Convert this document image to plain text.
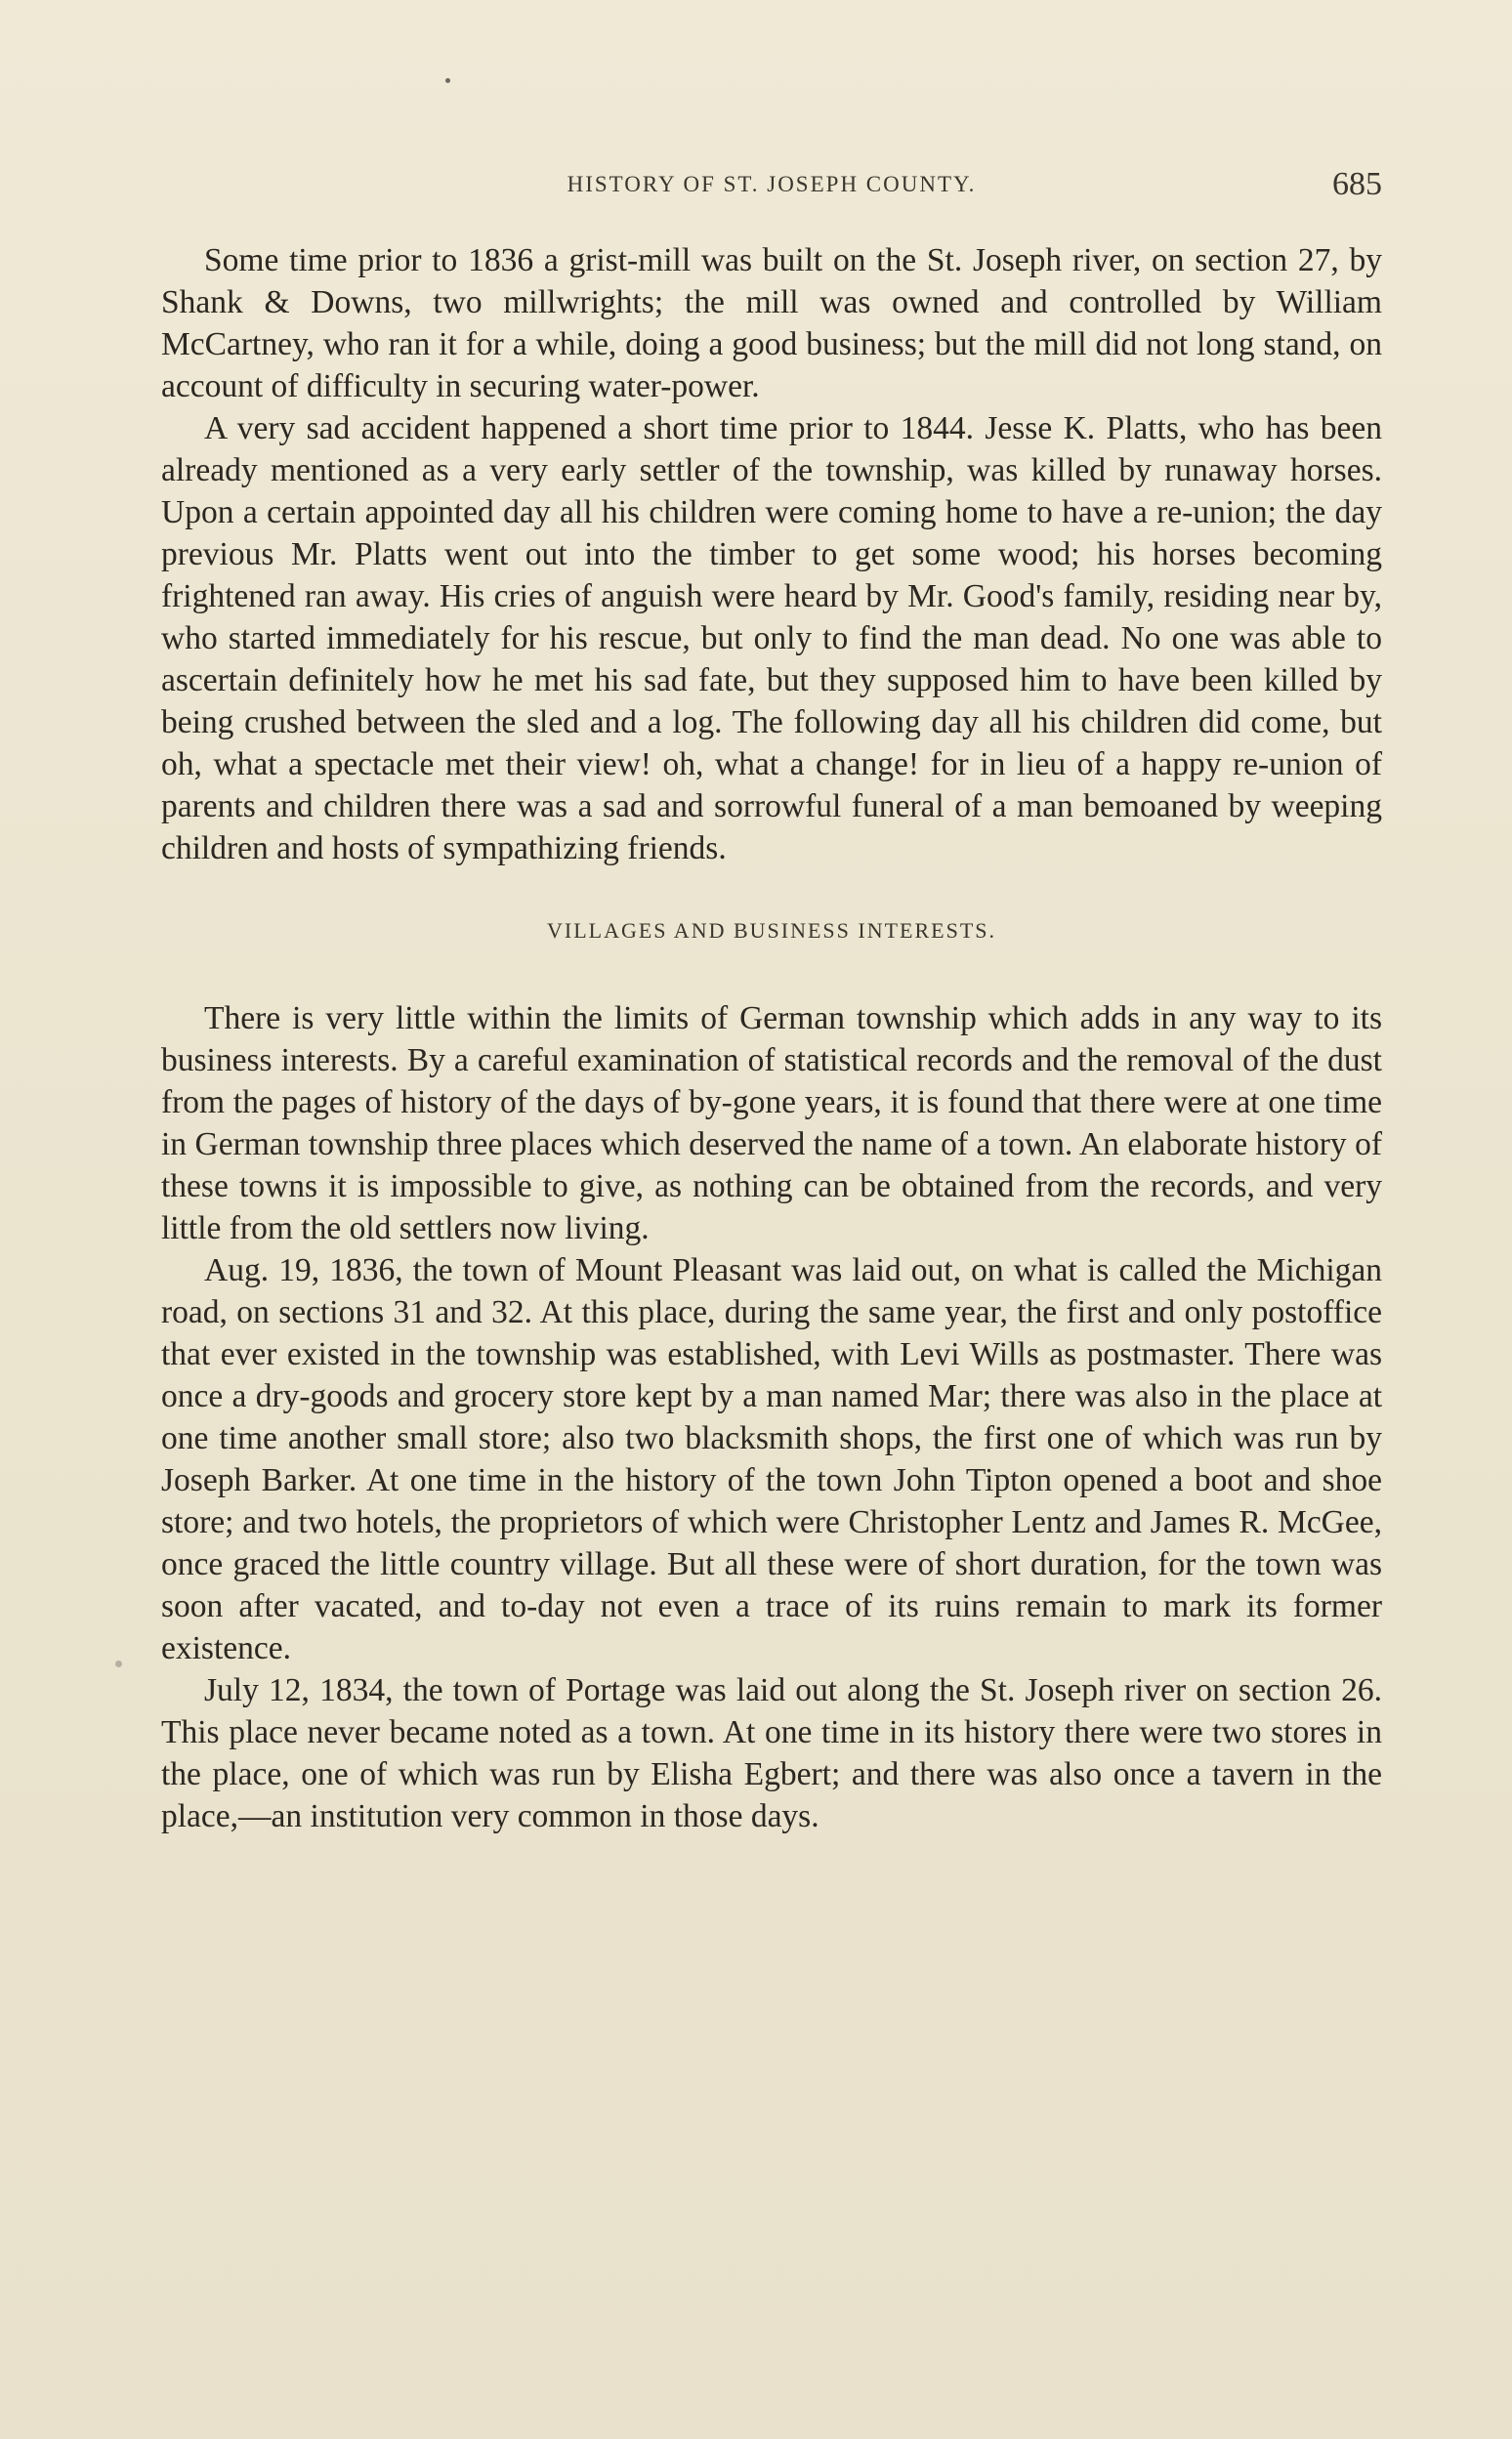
HISTORY OF ST. JOSEPH COUNTY.	685

Some time prior to 1836 a grist-mill was built on the St. Joseph river, on section 27, by Shank & Downs, two millwrights; the mill was owned and controlled by William McCartney, who ran it for a while, doing a good business; but the mill did not long stand, on account of difficulty in securing water-power.

A very sad accident happened a short time prior to 1844. Jesse K. Platts, who has been already mentioned as a very early settler of the township, was killed by runaway horses. Upon a certain appointed day all his children were coming home to have a re-union; the day previous Mr. Platts went out into the timber to get some wood; his horses becoming frightened ran away. His cries of anguish were heard by Mr. Good's family, residing near by, who started immediately for his rescue, but only to find the man dead. No one was able to ascertain definitely how he met his sad fate, but they supposed him to have been killed by being crushed between the sled and a log. The following day all his children did come, but oh, what a spectacle met their view! oh, what a change! for in lieu of a happy re-union of parents and children there was a sad and sorrowful funeral of a man bemoaned by weeping children and hosts of sympathizing friends.

VILLAGES AND BUSINESS INTERESTS.

There is very little within the limits of German township which adds in any way to its business interests. By a careful examination of statistical records and the removal of the dust from the pages of history of the days of by-gone years, it is found that there were at one time in German township three places which deserved the name of a town. An elaborate history of these towns it is impossible to give, as nothing can be obtained from the records, and very little from the old settlers now living.

Aug. 19, 1836, the town of Mount Pleasant was laid out, on what is called the Michigan road, on sections 31 and 32. At this place, during the same year, the first and only postoffice that ever existed in the township was established, with Levi Wills as postmaster. There was once a dry-goods and grocery store kept by a man named Mar; there was also in the place at one time another small store; also two blacksmith shops, the first one of which was run by Joseph Barker. At one time in the history of the town John Tipton opened a boot and shoe store; and two hotels, the proprietors of which were Christopher Lentz and James R. McGee, once graced the little country village. But all these were of short duration, for the town was soon after vacated, and to-day not even a trace of its ruins remain to mark its former existence.

July 12, 1834, the town of Portage was laid out along the St. Joseph river on section 26. This place never became noted as a town. At one time in its history there were two stores in the place, one of which was run by Elisha Egbert; and there was also once a tavern in the place,—an institution very common in those days.
